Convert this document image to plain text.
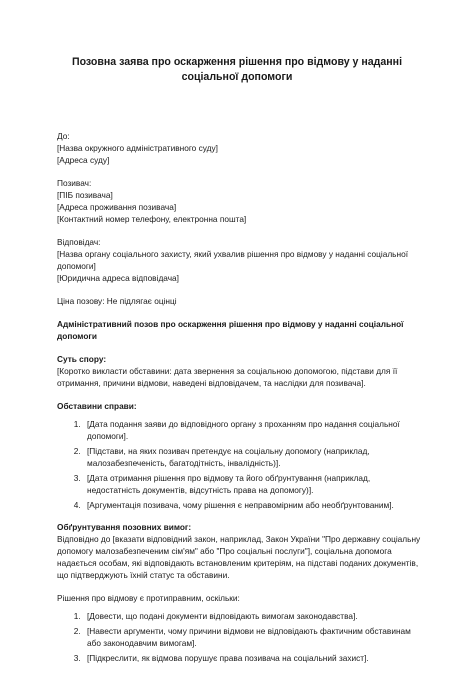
Позовна заява про оскарження рішення про відмову у наданні соціальної допомоги

До:

[Назва окружного адміністративного суду]

[Адреса суду]

Позивач:

[ПІБ позивача]

[Адреса проживання позивача]

[Контактний номер телефону, електронна пошта]

Відповідач:

[Назва органу соціального захисту, який ухвалив рішення про відмову у наданні соціальної допомоги]

[Юридична адреса відповідача]

Ціна позову: Не підлягає оцінці

Адміністративний позов про оскарження рішення про відмову у наданні соціальної допомоги

Суть спору:

[Коротко викласти обставини: дата звернення за соціальною допомогою, підстави для її отримання, причини відмови, наведені відповідачем, та наслідки для позивача].

Обставини справи:

1. [Дата подання заяви до відповідного органу з проханням про надання соціальної допомоги].
2. [Підстави, на яких позивач претендує на соціальну допомогу (наприклад, малозабезпеченість, багатодітність, інвалідність)].
3. [Дата отримання рішення про відмову та його обґрунтування (наприклад, недостатність документів, відсутність права на допомогу)].
4. [Аргументація позивача, чому рішення є неправомірним або необґрунтованим].

Обґрунтування позовних вимог:

Відповідно до [вказати відповідний закон, наприклад, Закон України "Про державну соціальну допомогу малозабезпеченим сім'ям" або "Про соціальні послуги"], соціальна допомога надається особам, які відповідають встановленим критеріям, на підставі поданих документів, що підтверджують їхній статус та обставини.

Рішення про відмову є протиправним, оскільки:

1. [Довести, що подані документи відповідають вимогам законодавства].
2. [Навести аргументи, чому причини відмови не відповідають фактичним обставинам або законодавчим вимогам].
3. [Підкреслити, як відмова порушує права позивача на соціальний захист].
